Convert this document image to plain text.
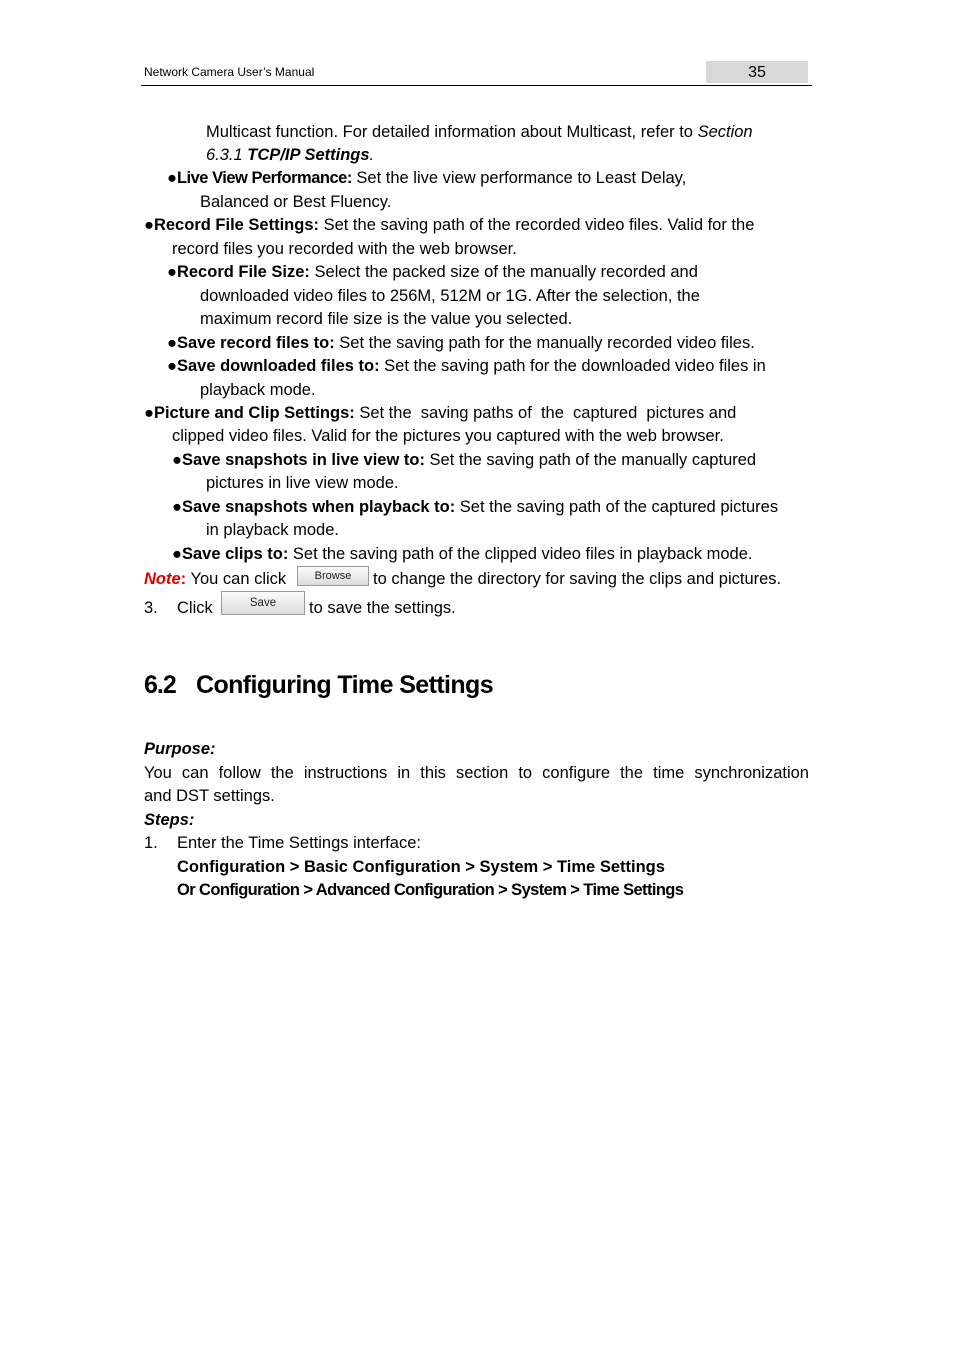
Network Camera User’s Manual	35
Multicast function. For detailed information about Multicast, refer to Section
6.3.1 TCP/IP Settings.
●Live View Performance: Set the live view performance to Least Delay,
Balanced or Best Fluency.
●Record File Settings: Set the saving path of the recorded video files. Valid for the
record files you recorded with the web browser.
●Record File Size: Select the packed size of the manually recorded and
downloaded video files to 256M, 512M or 1G. After the selection, the
maximum record file size is the value you selected.
●Save record files to: Set the saving path for the manually recorded video files.
●Save downloaded files to: Set the saving path for the downloaded video files in
playback mode.
●Picture and Clip Settings: Set the  saving paths of  the  captured  pictures and
clipped video files. Valid for the pictures you captured with the web browser.
●Save snapshots in live view to: Set the saving path of the manually captured
pictures in live view mode.
●Save snapshots when playback to: Set the saving path of the captured pictures
in playback mode.
●Save clips to: Set the saving path of the clipped video files in playback mode.
Note: You can click	Browse	to change the directory for saving the clips and pictures.
3. Click	Save	to save the settings.
6.2 Configuring Time Settings
Purpose:
You can follow the instructions in this section to configure the time synchronization
and DST settings.
Steps:
1. Enter the Time Settings interface:
Configuration > Basic Configuration > System > Time Settings
Or Configuration > Advanced Configuration > System > Time Settings
